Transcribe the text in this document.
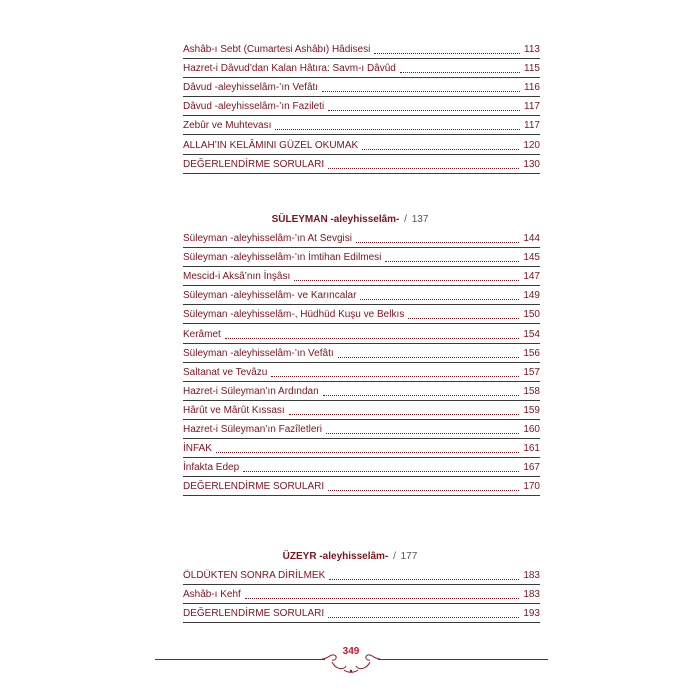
Ashâb-ı Sebt (Cumartesi Ashâbı) Hâdisesi	113
Hazret-i Dâvud’dan Kalan Hâtıra: Savm-ı Dâvûd	115
Dâvud -aleyhisselâm-’ın Vefâtı	116
Dâvud -aleyhisselâm-’ın Fazileti	117
Zebûr ve Muhtevası	117
ALLAH’IN KELÂMINI GÜZEL OKUMAK	120
DEĞERLENDİRME SORULARI	130
SÜLEYMAN -aleyhisselâm- / 137
Süleyman -aleyhisselâm-’ın At Sevgisi	144
Süleyman -aleyhisselâm-’ın İmtihan Edilmesi	145
Mescid-i Aksâ’nın İnşâsı	147
Süleyman -aleyhisselâm- ve Karıncalar	149
Süleyman -aleyhisselâm-, Hüdhüd Kuşu ve Belkıs	150
Kerâmet	154
Süleyman -aleyhisselâm-’ın Vefâtı	156
Saltanat ve Tevâzu	157
Hazret-i Süleyman’ın Ardından	158
Hârût ve Mârût Kıssası	159
Hazret-i Süleyman’ın Fazîletleri	160
İNFAK	161
İnfakta Edep	167
DEĞERLENDİRME SORULARI	170
ÜZEYR -aleyhisselâm- / 177
ÖLDÜKTEN SONRA DİRİLMEK	183
Ashâb-ı Kehf	183
DEĞERLENDİRME SORULARI	193
349
